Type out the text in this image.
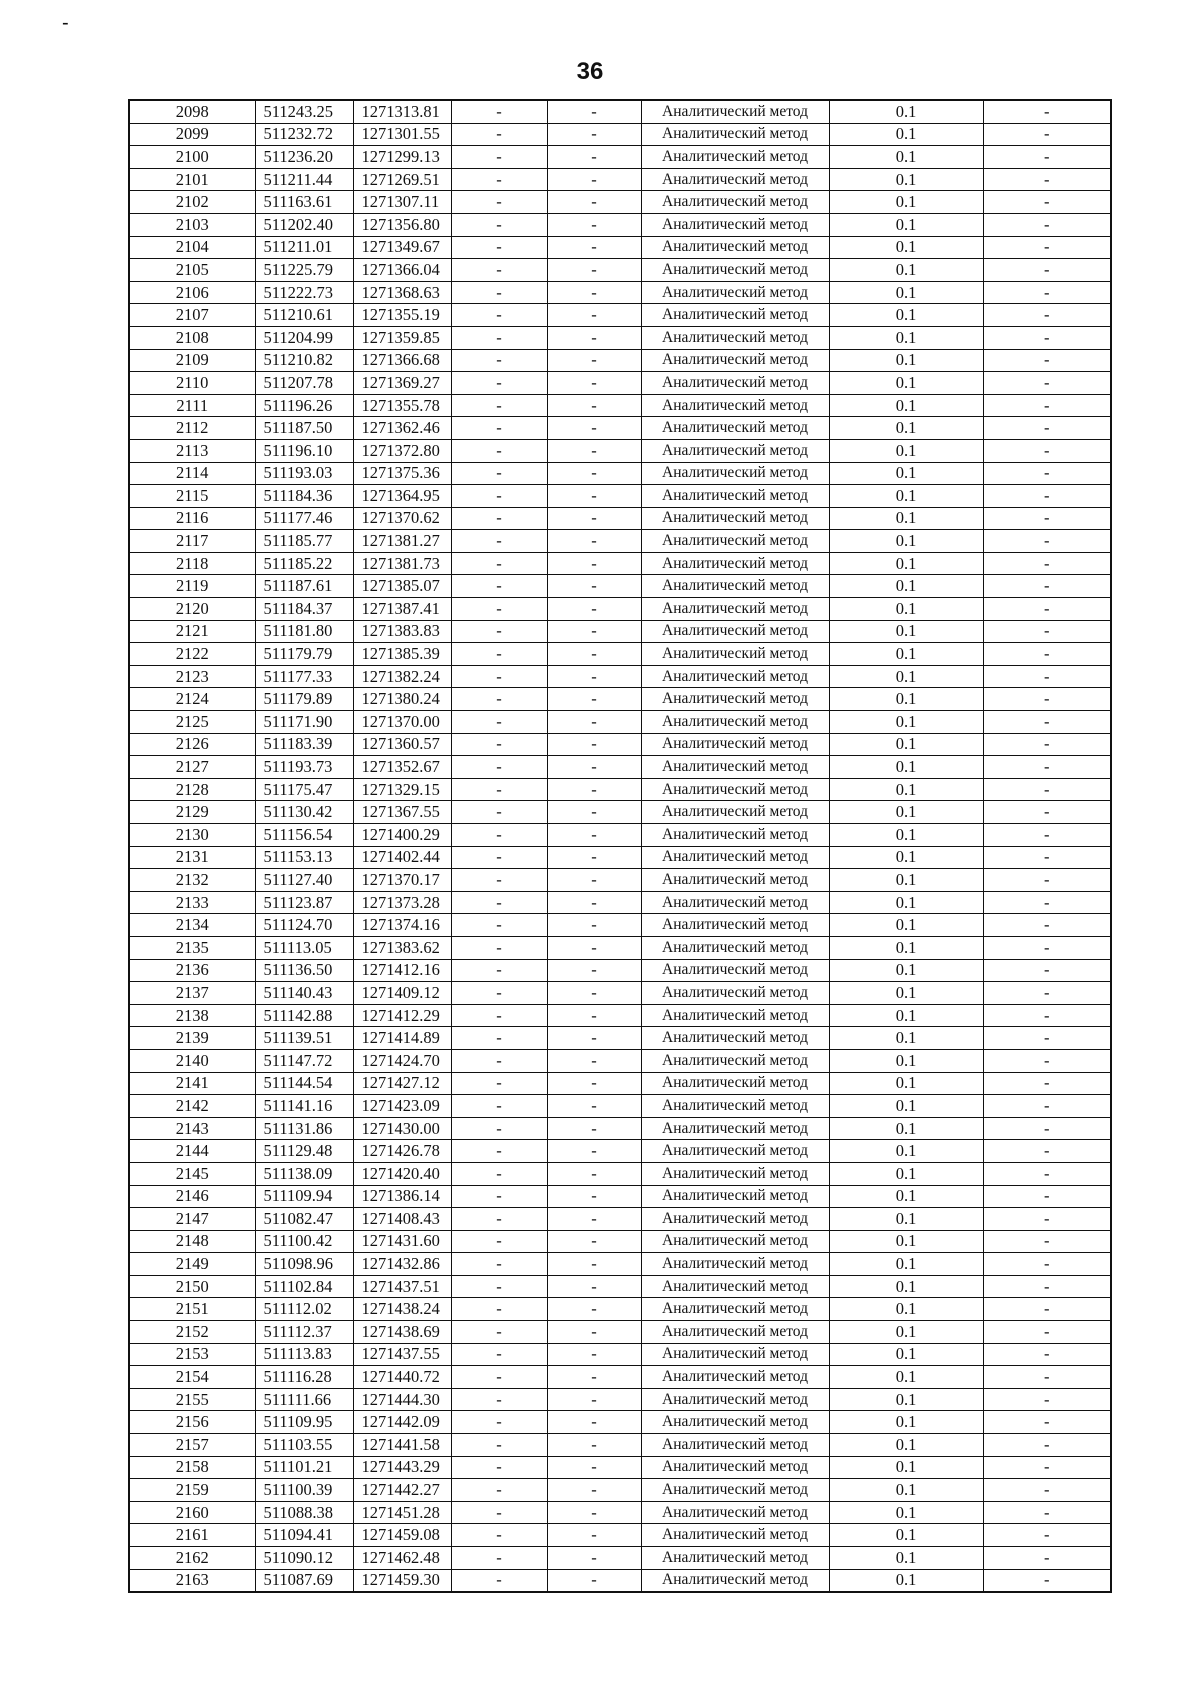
-
36
2098	511243.25	1271313.81	-	-	Аналитический метод	0.1	-
2099	511232.72	1271301.55	-	-	Аналитический метод	0.1	-
2100	511236.20	1271299.13	-	-	Аналитический метод	0.1	-
2101	511211.44	1271269.51	-	-	Аналитический метод	0.1	-
2102	511163.61	1271307.11	-	-	Аналитический метод	0.1	-
2103	511202.40	1271356.80	-	-	Аналитический метод	0.1	-
2104	511211.01	1271349.67	-	-	Аналитический метод	0.1	-
2105	511225.79	1271366.04	-	-	Аналитический метод	0.1	-
2106	511222.73	1271368.63	-	-	Аналитический метод	0.1	-
2107	511210.61	1271355.19	-	-	Аналитический метод	0.1	-
2108	511204.99	1271359.85	-	-	Аналитический метод	0.1	-
2109	511210.82	1271366.68	-	-	Аналитический метод	0.1	-
2110	511207.78	1271369.27	-	-	Аналитический метод	0.1	-
2111	511196.26	1271355.78	-	-	Аналитический метод	0.1	-
2112	511187.50	1271362.46	-	-	Аналитический метод	0.1	-
2113	511196.10	1271372.80	-	-	Аналитический метод	0.1	-
2114	511193.03	1271375.36	-	-	Аналитический метод	0.1	-
2115	511184.36	1271364.95	-	-	Аналитический метод	0.1	-
2116	511177.46	1271370.62	-	-	Аналитический метод	0.1	-
2117	511185.77	1271381.27	-	-	Аналитический метод	0.1	-
2118	511185.22	1271381.73	-	-	Аналитический метод	0.1	-
2119	511187.61	1271385.07	-	-	Аналитический метод	0.1	-
2120	511184.37	1271387.41	-	-	Аналитический метод	0.1	-
2121	511181.80	1271383.83	-	-	Аналитический метод	0.1	-
2122	511179.79	1271385.39	-	-	Аналитический метод	0.1	-
2123	511177.33	1271382.24	-	-	Аналитический метод	0.1	-
2124	511179.89	1271380.24	-	-	Аналитический метод	0.1	-
2125	511171.90	1271370.00	-	-	Аналитический метод	0.1	-
2126	511183.39	1271360.57	-	-	Аналитический метод	0.1	-
2127	511193.73	1271352.67	-	-	Аналитический метод	0.1	-
2128	511175.47	1271329.15	-	-	Аналитический метод	0.1	-
2129	511130.42	1271367.55	-	-	Аналитический метод	0.1	-
2130	511156.54	1271400.29	-	-	Аналитический метод	0.1	-
2131	511153.13	1271402.44	-	-	Аналитический метод	0.1	-
2132	511127.40	1271370.17	-	-	Аналитический метод	0.1	-
2133	511123.87	1271373.28	-	-	Аналитический метод	0.1	-
2134	511124.70	1271374.16	-	-	Аналитический метод	0.1	-
2135	511113.05	1271383.62	-	-	Аналитический метод	0.1	-
2136	511136.50	1271412.16	-	-	Аналитический метод	0.1	-
2137	511140.43	1271409.12	-	-	Аналитический метод	0.1	-
2138	511142.88	1271412.29	-	-	Аналитический метод	0.1	-
2139	511139.51	1271414.89	-	-	Аналитический метод	0.1	-
2140	511147.72	1271424.70	-	-	Аналитический метод	0.1	-
2141	511144.54	1271427.12	-	-	Аналитический метод	0.1	-
2142	511141.16	1271423.09	-	-	Аналитический метод	0.1	-
2143	511131.86	1271430.00	-	-	Аналитический метод	0.1	-
2144	511129.48	1271426.78	-	-	Аналитический метод	0.1	-
2145	511138.09	1271420.40	-	-	Аналитический метод	0.1	-
2146	511109.94	1271386.14	-	-	Аналитический метод	0.1	-
2147	511082.47	1271408.43	-	-	Аналитический метод	0.1	-
2148	511100.42	1271431.60	-	-	Аналитический метод	0.1	-
2149	511098.96	1271432.86	-	-	Аналитический метод	0.1	-
2150	511102.84	1271437.51	-	-	Аналитический метод	0.1	-
2151	511112.02	1271438.24	-	-	Аналитический метод	0.1	-
2152	511112.37	1271438.69	-	-	Аналитический метод	0.1	-
2153	511113.83	1271437.55	-	-	Аналитический метод	0.1	-
2154	511116.28	1271440.72	-	-	Аналитический метод	0.1	-
2155	511111.66	1271444.30	-	-	Аналитический метод	0.1	-
2156	511109.95	1271442.09	-	-	Аналитический метод	0.1	-
2157	511103.55	1271441.58	-	-	Аналитический метод	0.1	-
2158	511101.21	1271443.29	-	-	Аналитический метод	0.1	-
2159	511100.39	1271442.27	-	-	Аналитический метод	0.1	-
2160	511088.38	1271451.28	-	-	Аналитический метод	0.1	-
2161	511094.41	1271459.08	-	-	Аналитический метод	0.1	-
2162	511090.12	1271462.48	-	-	Аналитический метод	0.1	-
2163	511087.69	1271459.30	-	-	Аналитический метод	0.1	-
